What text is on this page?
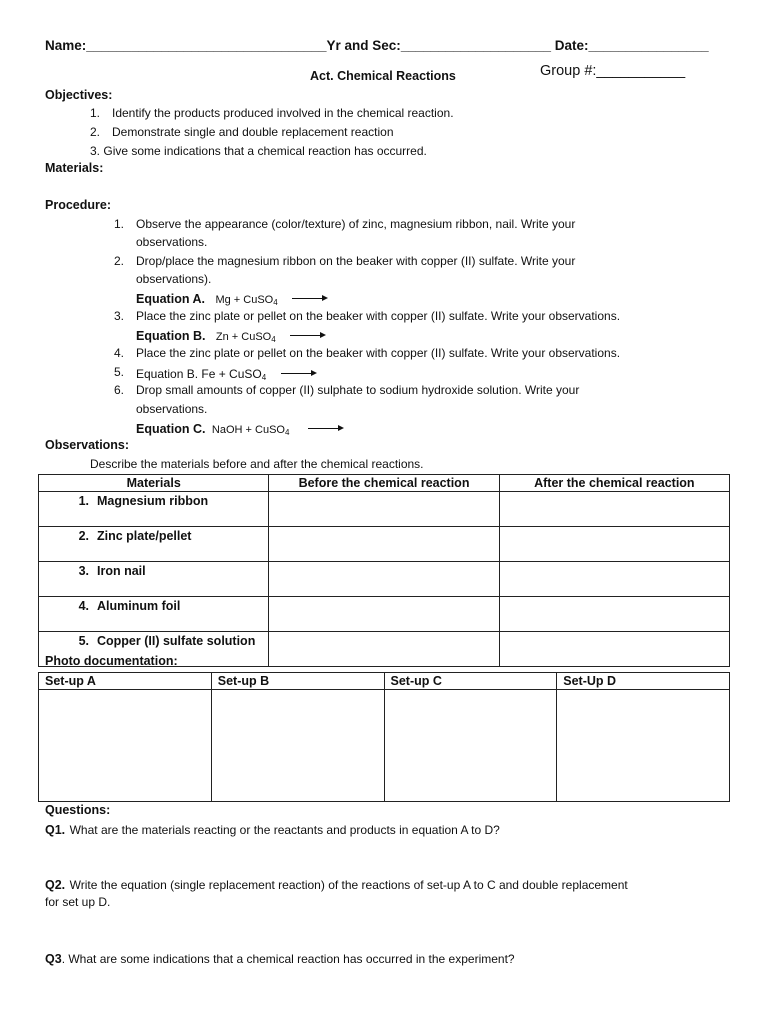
Name:________________________________Yr and Sec:____________________ Date:________________
Act. Chemical Reactions	Group #:___________
Objectives:
1. Identify the products produced involved in the chemical reaction.
2. Demonstrate single and double replacement reaction
3. Give some indications that a chemical reaction has occurred.
Materials:
Procedure:
1. Observe the appearance (color/texture) of zinc, magnesium ribbon, nail. Write your
observations.
2. Drop/place the magnesium ribbon on the beaker with copper (II) sulfate. Write your
observations).
Equation A. Mg + CuSO$_4$ →
3. Place the zinc plate or pellet on the beaker with copper (II) sulfate. Write your observations.
Equation B. Zn + CuSO$_4$ →
4. Place the zinc plate or pellet on the beaker with copper (II) sulfate. Write your observations.
5. Equation B. Fe + CuSO$_4$ →
6. Drop small amounts of copper (II) sulphate to sodium hydroxide solution. Write your
observations.
Equation C. NaOH + CuSO$_4$ →
Observations:
Describe the materials before and after the chemical reactions.
Materials	Before the chemical reaction	After the chemical reaction
1. Magnesium ribbon		
2. Zinc plate/pellet		
3. Iron nail		
4. Aluminum foil		
5. Copper (II) sulfate solution		
Photo documentation:
Set-up A	Set-up B	Set-up C	Set-Up D

Questions:
Q1. What are the materials reacting or the reactants and products in equation A to D?
Q2. Write the equation (single replacement reaction) of the reactions of set-up A to C and double replacement
for set up D.
Q3. What are some indications that a chemical reaction has occurred in the experiment?
